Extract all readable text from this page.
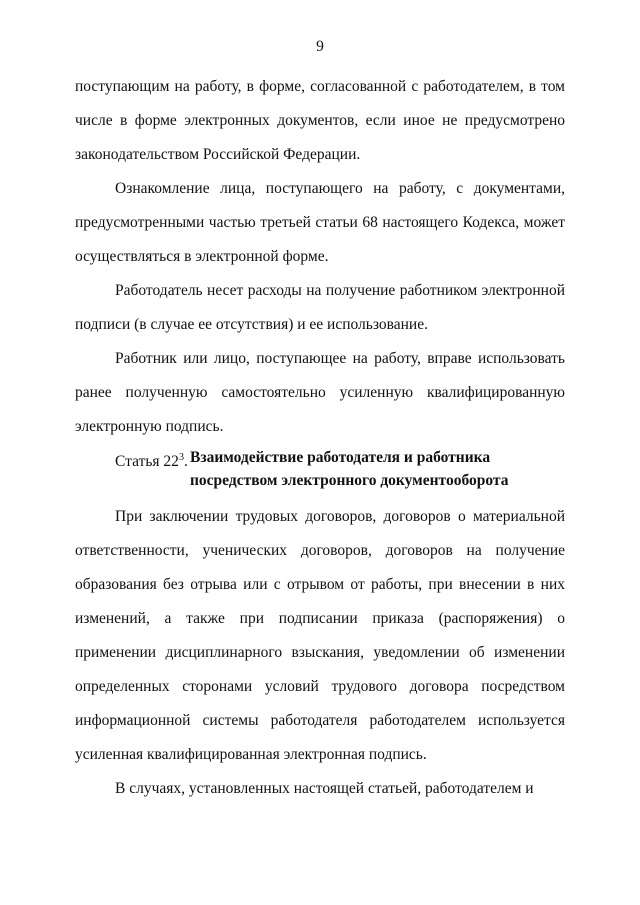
9

поступающим на работу, в форме, согласованной с работодателем, в том числе в форме электронных документов, если иное не предусмотрено законодательством Российской Федерации.

Ознакомление лица, поступающего на работу, с документами, предусмотренными частью третьей статьи 68 настоящего Кодекса, может осуществляться в электронной форме.

Работодатель несет расходы на получение работником электронной подписи (в случае ее отсутствия) и ее использование.

Работник или лицо, поступающее на работу, вправе использовать ранее полученную самостоятельно усиленную квалифицированную электронную подпись.

Статья $22^3$. Взаимодействие работодателя и работника
посредством электронного документооборота

При заключении трудовых договоров, договоров о материальной ответственности, ученических договоров, договоров на получение образования без отрыва или с отрывом от работы, при внесении в них изменений, а также при подписании приказа (распоряжения) о применении дисциплинарного взыскания, уведомлении об изменении определенных сторонами условий трудового договора посредством информационной системы работодателя работодателем используется усиленная квалифицированная электронная подпись.

В случаях, установленных настоящей статьей, работодателем и
